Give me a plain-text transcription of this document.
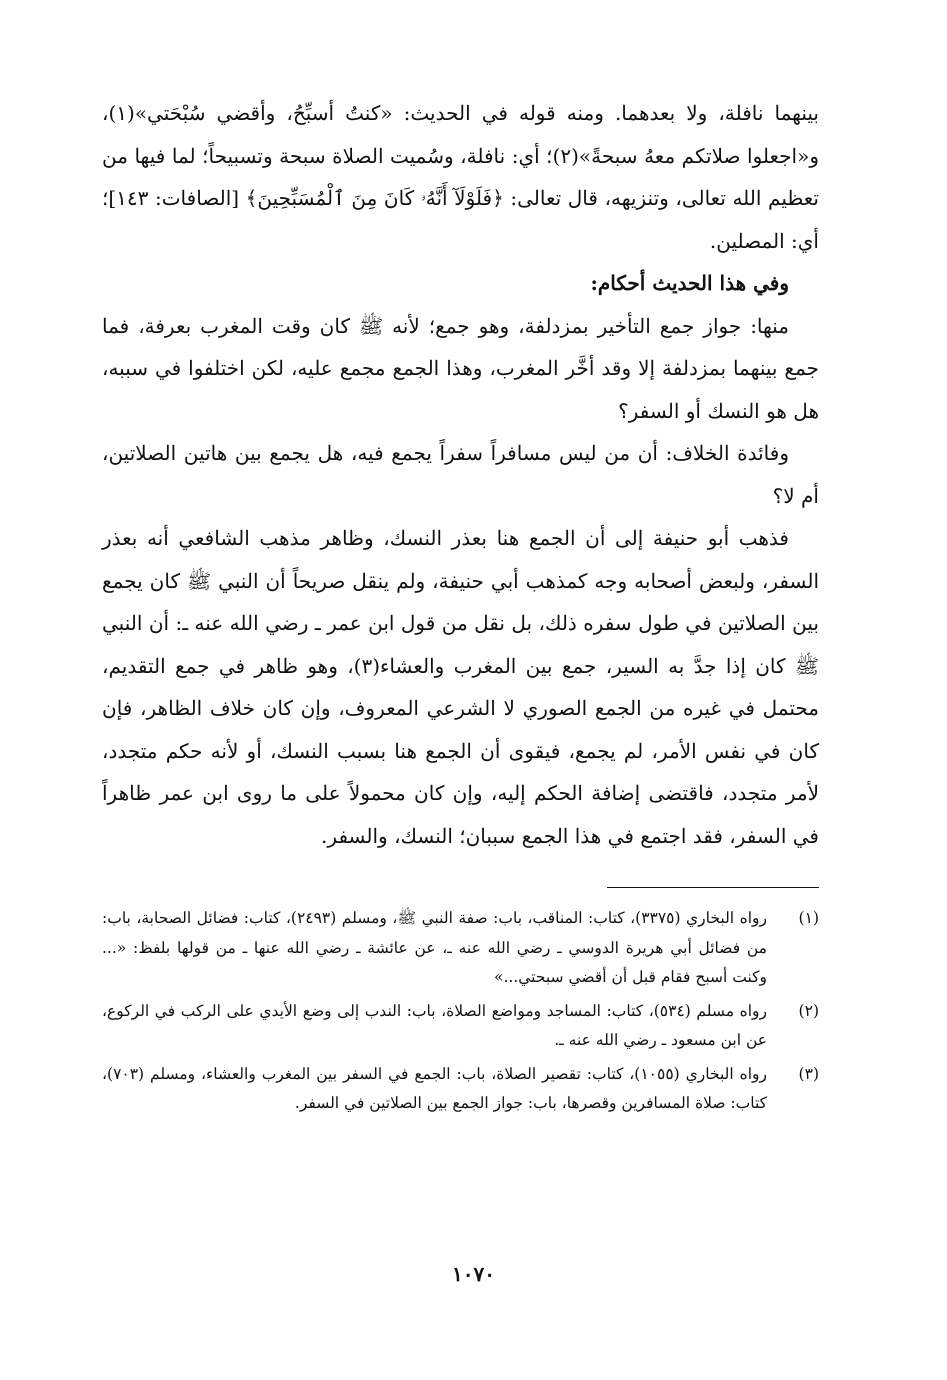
بينهما نافلة، ولا بعدهما. ومنه قوله في الحديث: «كنتُ أسبِّحُ، وأقضي سُبْحَتي»(١)، و«اجعلوا صلاتكم معهُ سبحةً»(٢)؛ أي: نافلة، وسُميت الصلاة سبحة وتسبيحاً؛ لما فيها من تعظيم الله تعالى، وتنزيهه، قال تعالى: ﴿فَلَوْلَآ أَنَّهُۥ كَانَ مِنَ ٱلْمُسَبِّحِينَ﴾ [الصافات: ١٤٣]؛ أي: المصلين.

وفي هذا الحديث أحكام:

منها: جواز جمع التأخير بمزدلفة، وهو جمع؛ لأنه ﷺ كان وقت المغرب بعرفة، فما جمع بينهما بمزدلفة إلا وقد أخَّر المغرب، وهذا الجمع مجمع عليه، لكن اختلفوا في سببه، هل هو النسك أو السفر؟

وفائدة الخلاف: أن من ليس مسافراً سفراً يجمع فيه، هل يجمع بين هاتين الصلاتين، أم لا؟

فذهب أبو حنيفة إلى أن الجمع هنا بعذر النسك، وظاهر مذهب الشافعي أنه بعذر السفر، ولبعض أصحابه وجه كمذهب أبي حنيفة، ولم ينقل صريحاً أن النبي ﷺ كان يجمع بين الصلاتين في طول سفره ذلك، بل نقل من قول ابن عمر ـ رضي الله عنه ـ: أن النبي ﷺ كان إذا جدَّ به السير، جمع بين المغرب والعشاء(٣)، وهو ظاهر في جمع التقديم، محتمل في غيره من الجمع الصوري لا الشرعي المعروف، وإن كان خلاف الظاهر، فإن كان في نفس الأمر، لم يجمع، فيقوى أن الجمع هنا بسبب النسك، أو لأنه حكم متجدد، لأمر متجدد، فاقتضى إضافة الحكم إليه، وإن كان محمولاً على ما روى ابن عمر ظاهراً في السفر، فقد اجتمع في هذا الجمع سببان؛ النسك، والسفر.

(١)
رواه البخاري (٣٣٧٥)، كتاب: المناقب، باب: صفة النبي ﷺ، ومسلم (٢٤٩٣)، كتاب: فضائل الصحابة، باب: من فضائل أبي هريرة الدوسي ـ رضي الله عنه ـ، عن عائشة ـ رضي الله عنها ـ من قولها بلفظ: «... وكنت أسبح فقام قبل أن أقضي سبحتي...»
(٢)
رواه مسلم (٥٣٤)، كتاب: المساجد ومواضع الصلاة، باب: الندب إلى وضع الأيدي على الركب في الركوع، عن ابن مسعود ـ رضي الله عنه ـ.
(٣)
رواه البخاري (١٠٥٥)، كتاب: تقصير الصلاة، باب: الجمع في السفر بين المغرب والعشاء، ومسلم (٧٠٣)، كتاب: صلاة المسافرين وقصرها، باب: جواز الجمع بين الصلاتين في السفر.
١٠٧٠
